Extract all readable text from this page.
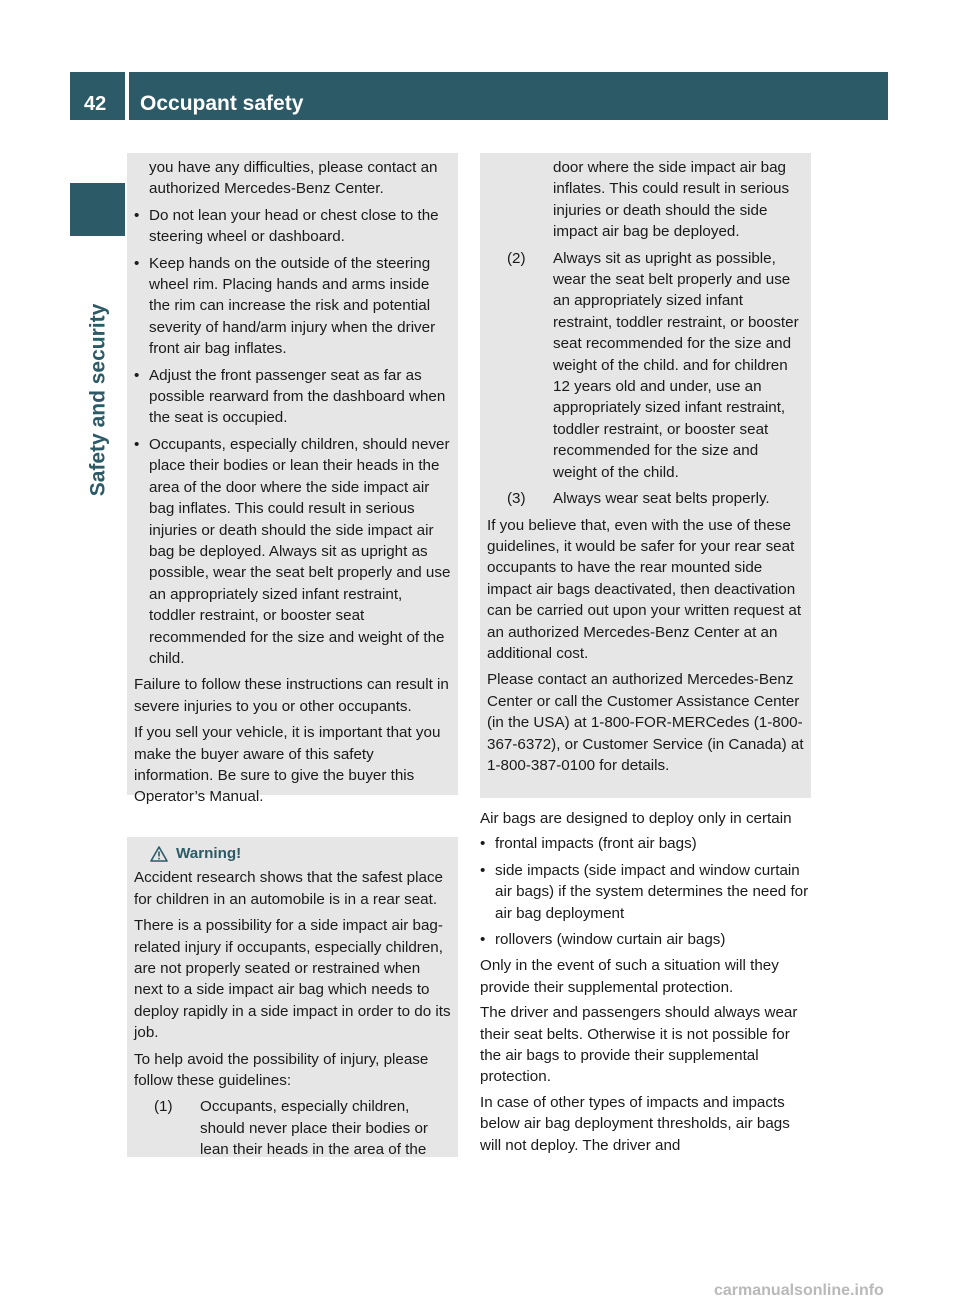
42 Occupant safety
Safety and security
you have any difficulties, please contact an authorized Mercedes-Benz Center.
• Do not lean your head or chest close to the steering wheel or dashboard.
• Keep hands on the outside of the steering wheel rim. Placing hands and arms inside the rim can increase the risk and potential severity of hand/arm injury when the driver front air bag inflates.
• Adjust the front passenger seat as far as possible rearward from the dashboard when the seat is occupied.
• Occupants, especially children, should never place their bodies or lean their heads in the area of the door where the side impact air bag inflates. This could result in serious injuries or death should the side impact air bag be deployed. Always sit as upright as possible, wear the seat belt properly and use an appropriately sized infant restraint, toddler restraint, or booster seat recommended for the size and weight of the child.

Failure to follow these instructions can result in severe injuries to you or other occupants.

If you sell your vehicle, it is important that you make the buyer aware of this safety information. Be sure to give the buyer this Operator’s Manual.

Warning!

Accident research shows that the safest place for children in an automobile is in a rear seat.

There is a possibility for a side impact air bag-related injury if occupants, especially children, are not properly seated or restrained when next to a side impact air bag which needs to deploy rapidly in a side impact in order to do its job.

To help avoid the possibility of injury, please follow these guidelines:

(1)	Occupants, especially children, should never place their bodies or lean their heads in the area of the
door where the side impact air bag inflates. This could result in serious injuries or death should the side impact air bag be deployed.
(2)	Always sit as upright as possible, wear the seat belt properly and use an appropriately sized infant restraint, toddler restraint, or booster seat recommended for the size and weight of the child. and for children 12 years old and under, use an appropriately sized infant restraint, toddler restraint, or booster seat recommended for the size and weight of the child.
(3)	Always wear seat belts properly.

If you believe that, even with the use of these guidelines, it would be safer for your rear seat occupants to have the rear mounted side impact air bags deactivated, then deactivation can be carried out upon your written request at an authorized Mercedes-Benz Center at an additional cost.

Please contact an authorized Mercedes-Benz Center or call the Customer Assistance Center (in the USA) at 1-800-FOR-MERCedes (1-800-367-6372), or Customer Service (in Canada) at 1-800-387-0100 for details.

Air bags are designed to deploy only in certain

• frontal impacts (front air bags)
• side impacts (side impact and window curtain air bags) if the system determines the need for air bag deployment
• rollovers (window curtain air bags)

Only in the event of such a situation will they provide their supplemental protection.

The driver and passengers should always wear their seat belts. Otherwise it is not possible for the air bags to provide their supplemental protection.

In case of other types of impacts and impacts below air bag deployment thresholds, air bags will not deploy. The driver and

carmanualsonline.info
